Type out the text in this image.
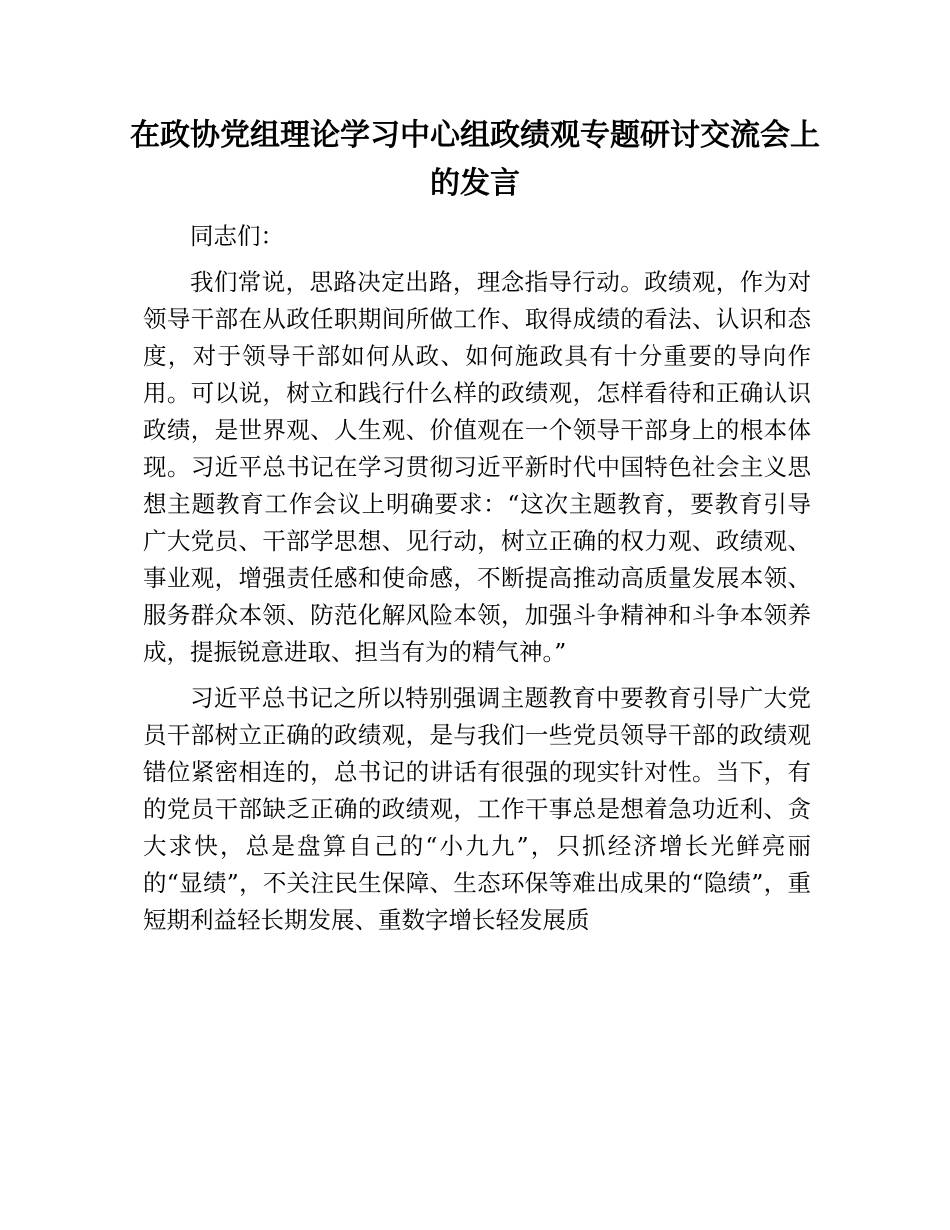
在政协党组理论学习中心组政绩观专题研讨交流会上的发言

同志们：

我们常说，思路决定出路，理念指导行动。政绩观，作为对领导干部在从政任职期间所做工作、取得成绩的看法、认识和态度，对于领导干部如何从政、如何施政具有十分重要的导向作用。可以说，树立和践行什么样的政绩观，怎样看待和正确认识政绩，是世界观、人生观、价值观在一个领导干部身上的根本体现。习近平总书记在学习贯彻习近平新时代中国特色社会主义思想主题教育工作会议上明确要求：“这次主题教育，要教育引导广大党员、干部学思想、见行动，树立正确的权力观、政绩观、事业观，增强责任感和使命感，不断提高推动高质量发展本领、服务群众本领、防范化解风险本领，加强斗争精神和斗争本领养成，提振锐意进取、担当有为的精气神。”

习近平总书记之所以特别强调主题教育中要教育引导广大党员干部树立正确的政绩观，是与我们一些党员领导干部的政绩观错位紧密相连的，总书记的讲话有很强的现实针对性。当下，有的党员干部缺乏正确的政绩观，工作干事总是想着急功近利、贪大求快，总是盘算自己的“小九九”，只抓经济增长光鲜亮丽的“显绩”，不关注民生保障、生态环保等难出成果的“隐绩”，重短期利益轻长期发展、重数字增长轻发展质
